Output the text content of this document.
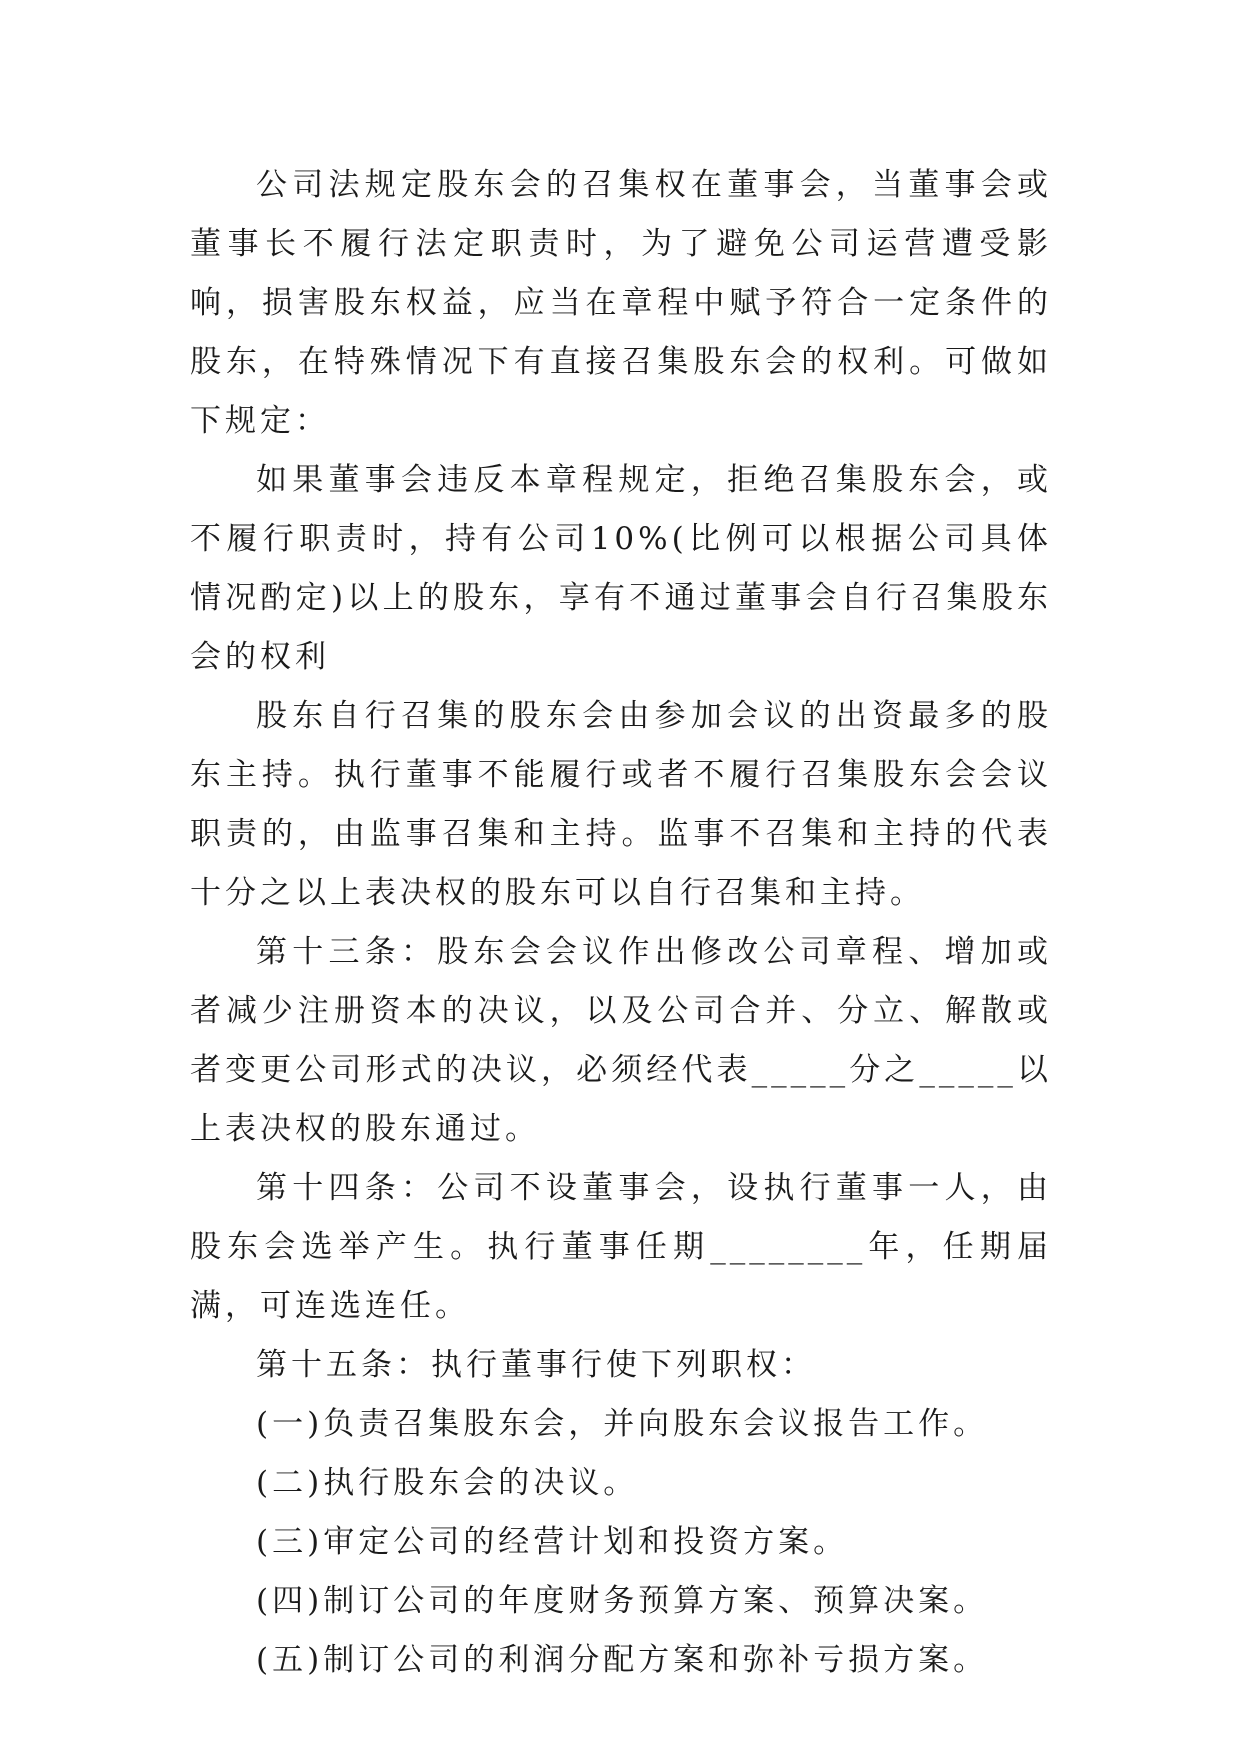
公司法规定股东会的召集权在董事会，当董事会或董事长不履行法定职责时，为了避免公司运营遭受影响，损害股东权益，应当在章程中赋予符合一定条件的股东，在特殊情况下有直接召集股东会的权利。可做如下规定：

如果董事会违反本章程规定，拒绝召集股东会，或不履行职责时，持有公司10%(比例可以根据公司具体情况酌定)以上的股东，享有不通过董事会自行召集股东会的权利

股东自行召集的股东会由参加会议的出资最多的股东主持。执行董事不能履行或者不履行召集股东会会议职责的，由监事召集和主持。监事不召集和主持的代表十分之以上表决权的股东可以自行召集和主持。

第十三条：股东会会议作出修改公司章程、增加或者减少注册资本的决议，以及公司合并、分立、解散或者变更公司形式的决议，必须经代表_____分之_____以上表决权的股东通过。

第十四条：公司不设董事会，设执行董事一人，由股东会选举产生。执行董事任期________年，任期届满，可连选连任。

第十五条：执行董事行使下列职权：

(一)负责召集股东会，并向股东会议报告工作。

(二)执行股东会的决议。

(三)审定公司的经营计划和投资方案。

(四)制订公司的年度财务预算方案、预算决案。

(五)制订公司的利润分配方案和弥补亏损方案。
